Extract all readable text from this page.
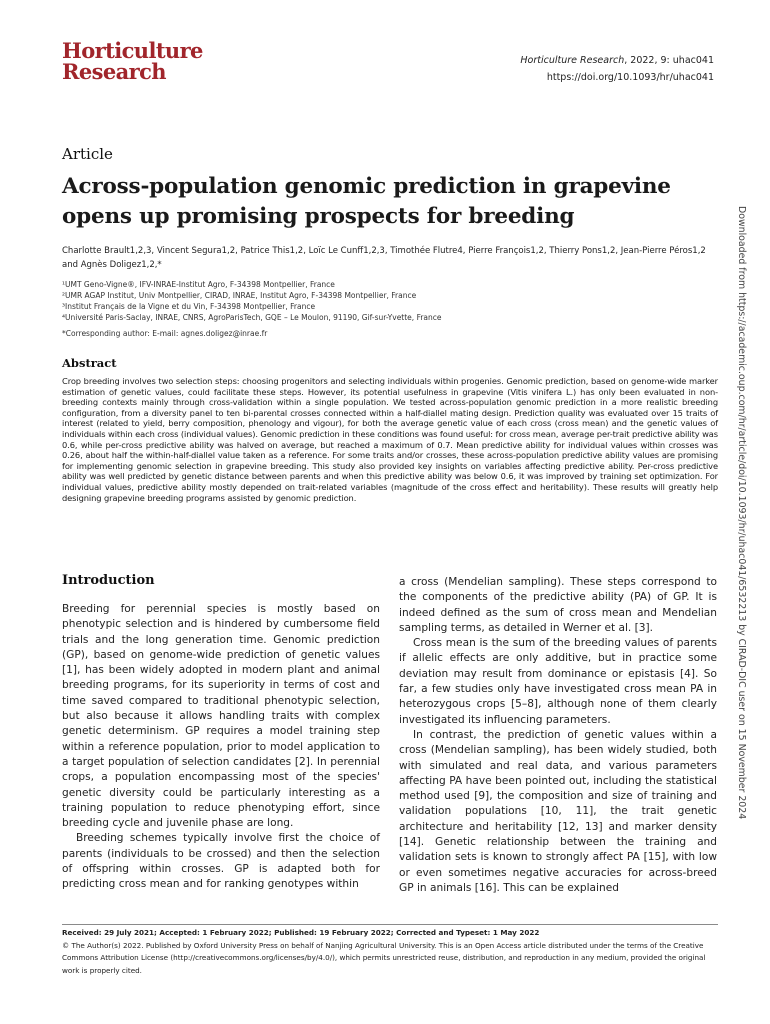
Horticulture
Research	Horticulture Research, 2022, 9: uhac041
https://doi.org/10.1093/hr/uhac041
Article
Across-population genomic prediction in grapevine opens up promising prospects for breeding
Charlotte Brault1,2,3, Vincent Segura1,2, Patrice This1,2, Loïc Le Cunff1,2,3, Timothée Flutre4, Pierre François1,2, Thierry Pons1,2, Jean-Pierre Péros1,2 and Agnès Doligez1,2,*
¹UMT Geno-Vigne®, IFV-INRAE-Institut Agro, F-34398 Montpellier, France
²UMR AGAP Institut, Univ Montpellier, CIRAD, INRAE, Institut Agro, F-34398 Montpellier, France
³Institut Français de la Vigne et du Vin, F-34398 Montpellier, France
⁴Université Paris-Saclay, INRAE, CNRS, AgroParisTech, GQE – Le Moulon, 91190, Gif-sur-Yvette, France
*Corresponding author: E-mail: agnes.doligez@inrae.fr
Abstract

Crop breeding involves two selection steps: choosing progenitors and selecting individuals within progenies. Genomic prediction, based on genome-wide marker estimation of genetic values, could facilitate these steps. However, its potential usefulness in grapevine (Vitis vinifera L.) has only been evaluated in non-breeding contexts mainly through cross-validation within a single population. We tested across-population genomic prediction in a more realistic breeding configuration, from a diversity panel to ten bi-parental crosses connected within a half-diallel mating design. Prediction quality was evaluated over 15 traits of interest (related to yield, berry composition, phenology and vigour), for both the average genetic value of each cross (cross mean) and the genetic values of individuals within each cross (individual values). Genomic prediction in these conditions was found useful: for cross mean, average per-trait predictive ability was 0.6, while per-cross predictive ability was halved on average, but reached a maximum of 0.7. Mean predictive ability for individual values within crosses was 0.26, about half the within-half-diallel value taken as a reference. For some traits and/or crosses, these across-population predictive ability values are promising for implementing genomic selection in grapevine breeding. This study also provided key insights on variables affecting predictive ability. Per-cross predictive ability was well predicted by genetic distance between parents and when this predictive ability was below 0.6, it was improved by training set optimization. For individual values, predictive ability mostly depended on trait-related variables (magnitude of the cross effect and heritability). These results will greatly help designing grapevine breeding programs assisted by genomic prediction.

Introduction

Breeding for perennial species is mostly based on phenotypic selection and is hindered by cumbersome field trials and the long generation time. Genomic prediction (GP), based on genome-wide prediction of genetic values [1], has been widely adopted in modern plant and animal breeding programs, for its superiority in terms of cost and time saved compared to traditional phenotypic selection, but also because it allows handling traits with complex genetic determinism. GP requires a model training step within a reference population, prior to model application to a target population of selection candidates [2]. In perennial crops, a population encompassing most of the species' genetic diversity could be particularly interesting as a training population to reduce phenotyping effort, since breeding cycle and juvenile phase are long.

Breeding schemes typically involve first the choice of parents (individuals to be crossed) and then the selection of offspring within crosses. GP is adapted both for predicting cross mean and for ranking genotypes within

a cross (Mendelian sampling). These steps correspond to the components of the predictive ability (PA) of GP. It is indeed defined as the sum of cross mean and Mendelian sampling terms, as detailed in Werner et al. [3].

Cross mean is the sum of the breeding values of parents if allelic effects are only additive, but in practice some deviation may result from dominance or epistasis [4]. So far, a few studies only have investigated cross mean PA in heterozygous crops [5–8], although none of them clearly investigated its influencing parameters.

In contrast, the prediction of genetic values within a cross (Mendelian sampling), has been widely studied, both with simulated and real data, and various parameters affecting PA have been pointed out, including the statistical method used [9], the composition and size of training and validation populations [10, 11], the trait genetic architecture and heritability [12, 13] and marker density [14]. Genetic relationship between the training and validation sets is known to strongly affect PA [15], with low or even sometimes negative accuracies for across-breed GP in animals [16]. This can be explained

Received: 29 July 2021; Accepted: 1 February 2022; Published: 19 February 2022; Corrected and Typeset: 1 May 2022
© The Author(s) 2022. Published by Oxford University Press on behalf of Nanjing Agricultural University. This is an Open Access article distributed under the terms of the Creative Commons Attribution License (http://creativecommons.org/licenses/by/4.0/), which permits unrestricted reuse, distribution, and reproduction in any medium, provided the original work is properly cited.
Downloaded from https://academic.oup.com/hr/article/doi/10.1093/hr/uhac041/6532213 by CIRAD-DIC user on 15 November 2024
